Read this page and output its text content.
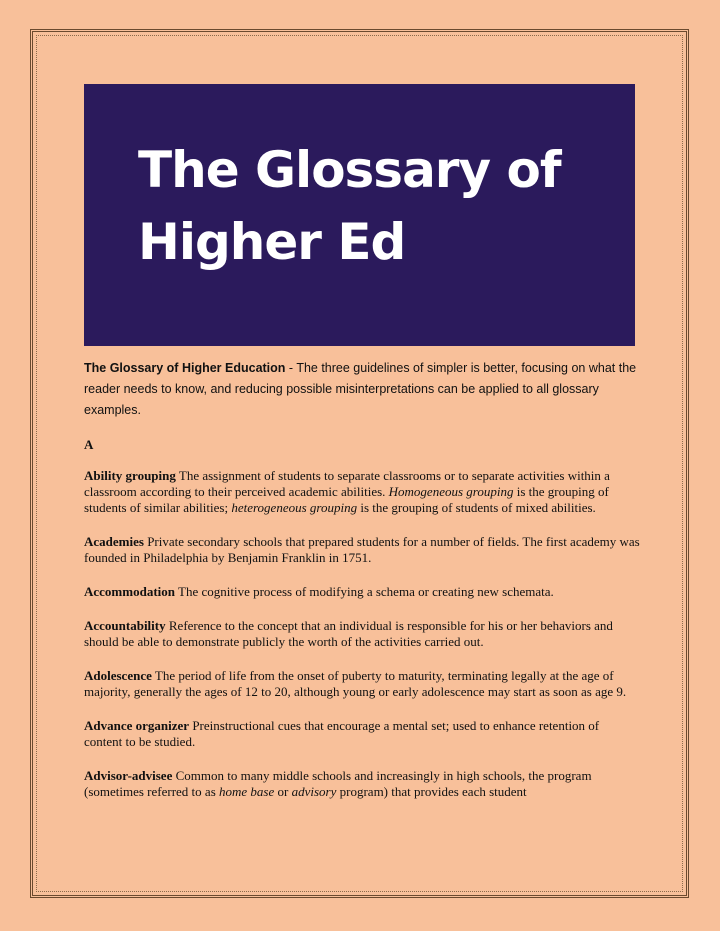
The Glossary of
Higher Ed

The Glossary of Higher Education - The three guidelines of simpler is better, focusing on what the reader needs to know, and reducing possible misinterpretations can be applied to all glossary examples.

A

Ability grouping The assignment of students to separate classrooms or to separate activities within a classroom according to their perceived academic abilities. Homogeneous grouping is the grouping of students of similar abilities; heterogeneous grouping is the grouping of students of mixed abilities.

Academies Private secondary schools that prepared students for a number of fields. The first academy was founded in Philadelphia by Benjamin Franklin in 1751.

Accommodation The cognitive process of modifying a schema or creating new schemata.

Accountability Reference to the concept that an individual is responsible for his or her behaviors and should be able to demonstrate publicly the worth of the activities carried out.

Adolescence The period of life from the onset of puberty to maturity, terminating legally at the age of majority, generally the ages of 12 to 20, although young or early adolescence may start as soon as age 9.

Advance organizer Preinstructional cues that encourage a mental set; used to enhance retention of content to be studied.

Advisor-advisee Common to many middle schools and increasingly in high schools, the program (sometimes referred to as home base or advisory program) that provides each student
